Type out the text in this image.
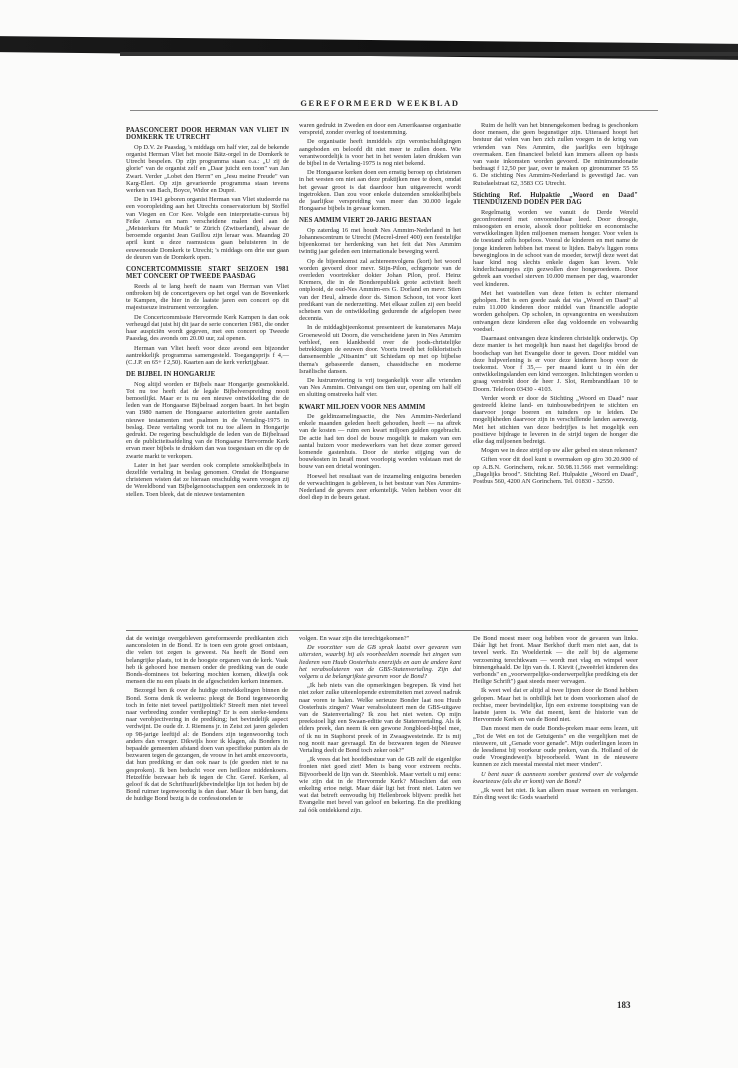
GEREFORMEERD WEEKBLAD
PAASCONCERT DOOR HERMAN VAN VLIET IN DOMKERK TE UTRECHT

Op D.V. 2e Paasdag, 's middags om half vier, zal de bekende organist Herman Vliet het mooie Bätz-orgel in de Domkerk te Utrecht bespelen. Op zijn programma staan o.a.: „U zij de glorie" van de organist zelf en „Daar juicht een toon" van Jan Zwart. Verder „Lobet den Herrn" en „Jesu meine Freude" van Karg-Elert. Op zijn gevarieerde programma staan tevens werken van Bach, Boyce, Widor en Dupré.

De in 1941 geboren organist Herman van Vliet studeerde na een vooropleiding aan het Utrechts conservatorium bij Stoffel van Viegen en Cor Kee. Volgde een interpretatie-cursus bij Feike Asma en nam verscheidene malen deel aan de „Meisterkurs für Musik" te Zürich (Zwitserland), alwaar de beroemde organist Jean Guillou zijn leraar was. Maandag 20 april kunt u deze rasmusicus gaan beluisteren in de eeuwenoude Domkerk te Utrecht; 's middags om drie uur gaan de deuren van de Domkerk open.

CONCERTCOMMISSIE START SEIZOEN 1981 MET CONCERT OP TWEEDE PAASDAG

Reeds al te lang heeft de naam van Herman van Vliet ontbroken bij de concertgevers op het orgel van de Bovenkerk te Kampen, die hier in de laatste jaren een concert op dit majestueuze instrument verzorgden.

De Concertcommissie Hervormde Kerk Kampen is dan ook verheugd dat juist hij dit jaar de serie concerten 1981, die onder haar auspiciën wordt gegeven, met een concert op Tweede Paasdag, des avonds om 20.00 uur, zal openen.

Herman van Vliet heeft voor deze avond een bijzonder aantrekkelijk programma samengesteld. Toegangsprijs f 4,— (C.J.P. en 65+ f 2,50). Kaarten aan de kerk verkrijgbaar.

DE BIJBEL IN HONGARIJE

Nog altijd worden er Bijbels naar Hongarije gesmokkeld. Tot nu toe heeft dat de legale Bijbelverspreiding nooit bemoeilijkt. Maar er is nu een nieuwe ontwikkeling die de leden van de Hongaarse Bijbelraad zorgen baart. In het begin van 1980 namen de Hongaarse autoriteiten grote aantallen nieuwe testamenten met psalmen in de Vertaling-1975 in beslag. Deze vertaling wordt tot nu toe alleen in Hongarije gedrukt. De regering beschuldigde de leden van de Bijbelraad en de publiciteitsafdeling van de Hongaarse Hervormde Kerk ervan meer bijbels te drukken dan was toegestaan en die op de zwarte markt te verkopen.

Later in het jaar werden ook complete smokkelbijbels in dezelfde vertaling in beslag genomen. Omdat de Hongaarse christenen wisten dat ze hieraan onschuldig waren vroegen zij de Wereldbond van Bijbelgenootschappen een onderzoek in te stellen. Toen bleek, dat de nieuwe testamenten

waren gedrukt in Zweden en door een Amerikaanse organisatie verspreid, zonder overleg of toestemming.

De organisatie heeft inmiddels zijn verontschuldigingen aangeboden en beloofd dit niet meer te zullen doen. Wie verantwoordelijk is voor het in het westen laten drukken van de bijbel in de Vertaling-1975 is nog niet bekend.

De Hongaarse kerken doen een ernstig beroep op christenen in het westen om niet aan deze praktijken mee te doen, omdat het gevaar groot is dat daardoor hun uitgaverecht wordt ingetrokken. Dan zou voor enkele duizenden smokkelbijbels de jaarlijkse verspreiding van meer dan 30.000 legale Hongaarse bijbels in gevaar komen.

NES AMMIM VIERT 20-JARIG BESTAAN

Op zaterdag 16 mei houdt Nes Ammim-Nederland in het Johannescentrum te Utrecht (Mecrel-dreef 400) een feestelijke bijeenkomst ter herdenking van het feit dat Nes Ammim twintig jaar geleden een internationale beweging werd.

Op de bijeenkomst zal achtereenvolgens (kort) het woord worden gevoerd door mevr. Stijn-Pilon, echtgenote van de overleden voortrekker dokter Johan Pilon, prof. Heinz Kremers, die in de Bondsrepubliek grote activiteit heeft ontplooid, de oud-Nes Ammim-ers G. Dorland en mevr. Stien van der Heul, almede door ds. Simon Schoon, tot voor kort predikant van de nederzetting. Met elkaar zullen zij een beeld schetsen van de ontwikkeling gedurende de afgelopen twee decennia.

In de middagbijeenkomst presenteert de kunstenares Maja Groenewold uit Doorn, die verscheidene jaren in Nes Ammim verbleef, een klankbeeld over de joods-christelijke betrekkingen de eeuwen door. Voorts treedt het folkloristisch dansensemble „Nitsanim" uit Schiedam op met op bijbelse thema's gebaseerde dansen, chassidische en moderne Israëlische dansen.

De lustrumviering is vrij toegankelijk voor alle vrienden van Nes Ammim. Ontvangst om tien uur, opening om half elf en sluiting omstreeks half vier.

KWART MILJOEN VOOR NES AMMIM

De geldinzamelingsactie, die Nes Ammim-Nederland enkele maanden geleden heeft gehouden, heeft — na aftrek van de kosten — ruim een kwart miljoen gulden opgebracht. De actie had ten doel de bouw mogelijk te maken van een aantal huizen voor medewerkers van het deze zomer gereed komende gastenhuis. Door de sterke stijging van de bouwkosten in Israël moet voorlopig worden volstaan met de bouw van een drietal woningen.

Hoewel het resultaat van de inzameling enigszins beneden de verwachtingen is gebleven, is het bestuur van Nes Ammim-Nederland de gevers zeer erkentelijk. Velen hebben voor dit doel diep in de beurs getast.

Ruim de helft van het binnengekomen bedrag is geschonken door mensen, die geen begunstiger zijn. Uiteraard hoopt het bestuur dat velen van hen zich zullen voegen in de kring van vrienden van Nes Ammim, die jaarlijks een bijdrage overmaken. Een financieel beleid kan immers alleen op basis van vaste inkomsten worden gevoerd. De minimumdonatie bedraagt f 12,50 per jaar, over te maken op gironummer 55 55 6. De stichting Nes Ammim-Nederland is gevestigd Jac. van Ruisdaelstraat 62, 3583 CG Utrecht.

Stichting Ref. Hulpaktie „Woord en Daad" TIENDUIZEND DODEN PER DAG

Regelmatig worden we vanuit de Derde Wereld geconfronteerd met onvoorstelbaar leed. Door droogte, misoogsten en ersoie, alsook door politieke en economische verwikkelingen lijden miljoenen mensen honger. Voor velen is de toestand zelfs hopeloos. Vooral de kinderen en met name de jonge kinderen hebben het meest te lijden. Baby's liggen roms bewegingloos in de schoot van de moeder, terwijl deze weet dat haar kind nog slechts enkele dagen kan leven. Vele kinderlichaampjes zijn gezwollen door hongeroedeem. Door gebrek aan voedsel sterven 10.000 mensen per dag, waaronder veel kinderen.

Met het vaststellen van deze feiten is echter niemand geholpen. Het is een goede zaak dat via „Woord en Daad" al ruim 11.000 kinderen door middel van financiële adoptie worden geholpen. Op scholen, in opvangcentra en weeshuizen ontvangen deze kinderen elke dag voldoende en volwaardig voedsel.

Daarnaast ontvangen deze kinderen christelijk onderwijs. Op deze manier is het mogelijk hun naast het dagelijks brood de boodschap van het Evangelie door te geven. Door middel van deze hulpverlening is er voor deze kinderen hoop voor de toekomst. Voor f 35,— per maand kunt u in één der ontwikkelingslanden een kind verzorgen. Inlichtingen worden u graag verstrekt door de heer J. Slot, Rembrandtlaan 10 te Doorn. Telefoon 03430 - 4103.

Verder wordt er door de Stichting „Woord en Daad" naar gestreefd kleine land- en tuinbouwbedrijven te stichten en daarvoor jonge boeren en tuinders op te leiden. De mogelijkheden daarvoor zijn in verschillende landen aanwezig. Met het stichten van deze bedrijfjes is het mogelijk een positieve bijdrage te leveren in de strijd tegen de honger die elke dag miljoenen bedreigt.

Mogen we in deze strijd op uw aller gebed en steun rekenen?

Giften voor dit doel kunt u overmaken op giro 30.20.900 of op A.B.N. Gorinchem, rek.nr. 50.98.11.566 met vermelding: „Dagelijks brood". Stichting Ref. Hulpaktie „Woord en Daad", Postbus 560, 4200 AN Gorinchem. Tel. 01830 - 32550.

dat de weinige overgebleven gereformeerde predikanten zich aanconsloten in de Bond. Er is toen een grote groei ontstaan, die velen tot zegen is geweest. Na heeft de Bond een belangrijke plaats, tot in de hoogste organen van de kerk. Vaak heb ik gehoord hoe mensen onder de prediking van de oude Bonds-dominees tot bekering mochten komen, dikwijls ook mensen die nu een plaats in de afgescheiden kerken innemen.

Bezorgd ben ik over de huidige ontwikkelingen binnen de Bond. Soms denk ik weleens: pleegt de Bond tegenwoordig toch in feite niet teveel partijpolitiek? Streeft men niet teveel naar verbreding zonder verdieping? Er is een sterke-tendens naar verobjectivering in de prediking; het bevindelijk aspect verdwijnt. De oude dr. J. Riemens jr. in Zeist zei jaren geleden op 98-jarige leeftijd al: de Bonders zijn tegenwoordig toch anders dan vroeger. Dikwijls hoor ik klagen, als Bonders in bepaalde gemeenten afstand doen van specifieke punten als de bezwaren tegen de gezangen, de vrouw in het ambt enzovoorts, dat hun prediking er dan ook naar is (de goeden niet te na gesproken). Ik ben beducht voor een heilloze middenkoers. Hetzelfde bezwaar heb ik tegen de Chr. Geref. Kerken, al geloof ik dat de Schriftuurlijkbevindelijke lijn tot heden bij de Bond ruimer tegenwoordig is dan daar. Maar ik ben bang, dat de huidige Bond bezig is de confessionelen te

volgen. En waar zijn die terechtgekomen?"

De voorzitter van de GB sprak laatst over gevaren van uitersten, waarbij hij als voorbeelden noemde het zingen van liederen van Huub Oosterhuis enerzijds en aan de andere kant het verabsoluteren van de GBS-Statenvertaling. Zijn dat volgens u de belangrijkste gevaren voor de Bond?

„Ik heb niets van die opmerkingen begrepen. Ik vind het niet zeker zulke uiteenlopende extremiteiten met zoveel nadruk naar voren te halen. Welke serieuze Bonder laat nou Huub Oosterhuis zingen? Waar verabsoluteert men de GBS-uitgave van de Statenvertaling? Ik zou het niet weten. Op mijn preekstoel ligt een Swaan-editie van de Statenvertaling. Als ik elders preek, dan neem ik een gewone Jongbloed-bijbel mee, of ik nu in Staphorst preek of in Zwaagwesteinde. Er is mij nog nooit naar gevraagd. En de bezwaren tegen de Nieuwe Vertaling deelt de Bond toch zeker ook?"

„Ik vrees dat het hoofdbestuur van de GB zelf de eigenlijke fronten niet goed ziet! Men is bang voor extreem rechts. Bijvoorbeeld de lijn van dr. Steenblok. Maar vertelt u mij eens: wie zijn dat in de Hervormde Kerk? Misschien dat een enkeling ertoe neigt. Maar dáár ligt het front niet. Laten we wat dat betreft eenvoudig bij Hellenbroek blijven: predik het Evangelie met bevel van geloof en bekering. En die prediking zal óók ontdekkend zijn.

De Bond moest meer oog hebben voor de gevaren van links. Dáár ligt het front. Maar Berkhof durft men niet aan, dat is teveel werk. En Woelderink — die zelf bij de algemene verzoening terechtkwam — wordt met vlag en wimpel weer binnengehaald. De lijn van ds. I. Kievit („tweeërlei kinderen des verbonds" en „voorwerpelijke-onderwerpelijke prediking eis der Heilige Schrift") gaat steeds meer vervagen.

Ik weet wel dat er altijd al twee lijnen door de Bond hebben gelopen. Maar het is onbillijk het te doen voorkomen alsof de rechtse, meer bevindelijke, lijn een extreme toespitsing van de laatste jaren is. Wie dat meent, kent de historie van de Hervormde Kerk en van de Bond niet.

Dan moest men de oude Bonds-preken maar eens lezen, uit „Tot de Wet en tot de Getuigenis" en die vergelijken met de nieuwere, uit „Genade voor genade". Mijn ouderlingen lezen in de leesdienst bij voorkeur oude preken, van ds. Holland of de oude Vroegindeweij's bijvoorbeeld. Want in de nieuwere kunnen ze zich meestal meestal niet meer vinden".

U bent naar ik aanneem somber gestemd over de volgende kwarteeuw (als die er komt) van de Bond?

„Ik weet het niet. Ik kan alleen maar wensen en verlangen. Eén ding weet ik: Gods waarheid

183
